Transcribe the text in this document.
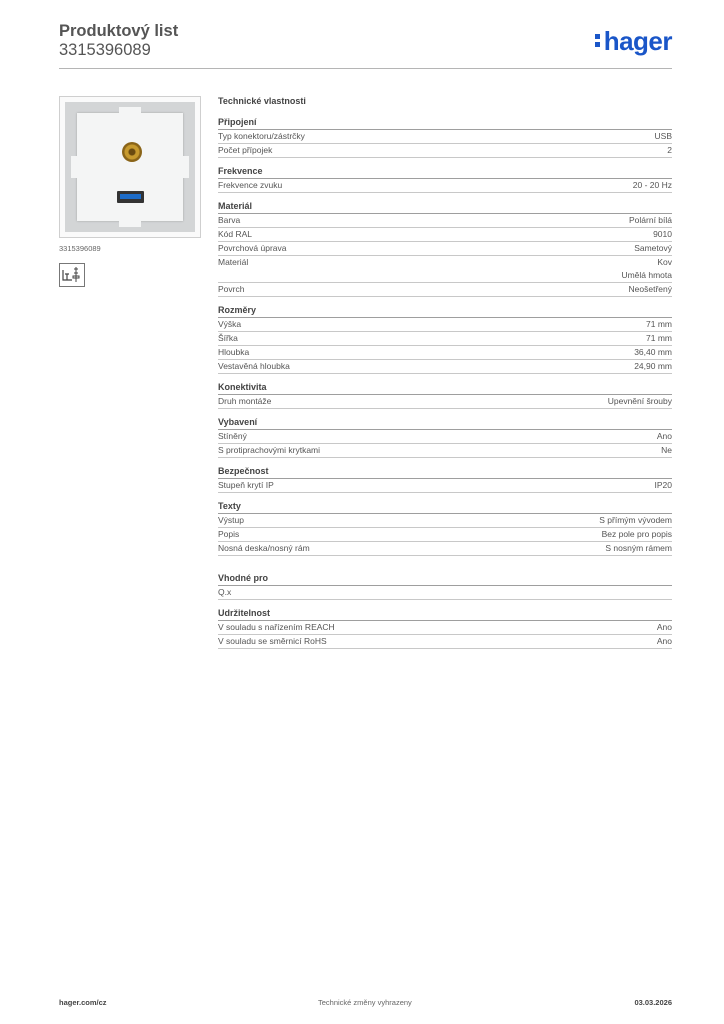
Produktový list
3315396089	hager
3315396089
Technické vlastnosti
Připojení
Typ konektoru/zástrčky	USB
Počet přípojek	2
Frekvence
Frekvence zvuku	20 - 20 Hz
Materiál
Barva	Polární bílá
Kód RAL	9010
Povrchová úprava	Sametový
Materiál	Kov
Umělá hmota
Povrch	Neošetřený
Rozměry
Výška	71 mm
Šířka	71 mm
Hloubka	36,40 mm
Vestavěná hloubka	24,90 mm
Konektivita
Druh montáže	Upevnění šrouby
Vybavení
Stíněný	Ano
S protiprachovými krytkami	Ne
Bezpečnost
Stupeň krytí IP	IP20
Texty
Výstup	S přímým vývodem
Popis	Bez pole pro popis
Nosná deska/nosný rám	S nosným rámem
Vhodné pro
Q.x
Udržitelnost
V souladu s nařízením REACH	Ano
V souladu se směrnicí RoHS	Ano
hager.com/cz	Technické změny vyhrazeny	03.03.2026
